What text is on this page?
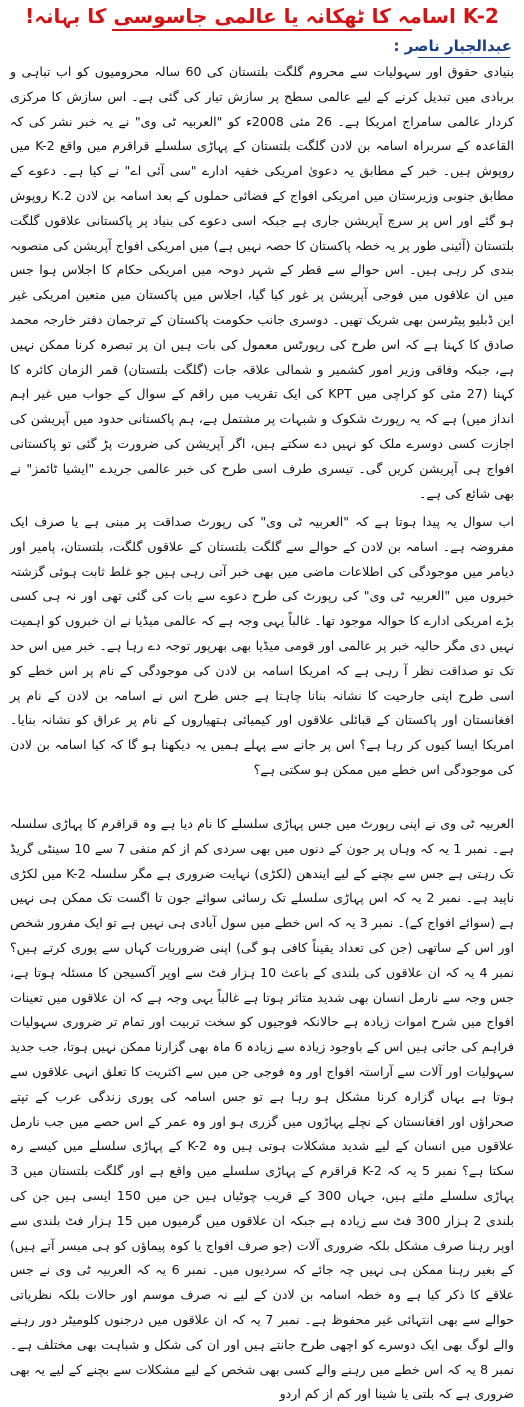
K-2 اسامہ کا ٹھکانہ یا عالمی جاسوسی کا بہانہ!
عبدالجبار ناصر :

بنیادی حقوق اور سہولیات سے محروم گلگت بلتستان کی 60 سالہ محرومیوں کو اب تباہی و بربادی میں تبدیل کرنے کے لیے عالمی سطح پر سازش تیار کی گئی ہے۔ اس سازش کا مرکزی کردار عالمی سامراج امریکا ہے۔ 26 مئی 2008ء کو "العربیہ ٹی وی" نے یہ خبر نشر کی کہ القاعدہ کے سربراہ اسامہ بن لادن گلگت بلتستان کے پہاڑی سلسلے قراقرم میں واقع K-2 میں روپوش ہیں۔ خبر کے مطابق یہ دعویٰ امریکی خفیہ ادارے "سی آئی اے" نے کیا ہے۔ دعوے کے مطابق جنوبی وزیرستان میں امریکی افواج کے فضائی حملوں کے بعد اسامہ بن لادن K.2 روپوش ہو گئے اور اس پر سرچ آپریشن جاری ہے جبکہ اسی دعوے کی بنیاد پر پاکستانی علاقوں گلگت بلتستان (آئینی طور پر یہ خطہ پاکستان کا حصہ نہیں ہے) میں امریکی افواج آپریشن کی منصوبہ بندی کر رہی ہیں۔ اس حوالے سے قطر کے شہر دوحہ میں امریکی حکام کا اجلاس ہوا جس میں ان علاقوں میں فوجی آپریشن پر غور کیا گیا، اجلاس میں پاکستان میں متعین امریکی غیر این ڈبلیو پیٹرسن بھی شریک تھیں۔ دوسری جانب حکومت پاکستان کے ترجمان دفتر خارجہ محمد صادق کا کہنا ہے کہ اس طرح کی رپورٹس معمول کی بات ہیں ان پر تبصرہ کرنا ممکن نہیں ہے، جبکہ وفاقی وزیر امور کشمیر و شمالی علاقہ جات (گلگت بلتستان) قمر الزمان کائرہ کا کہنا (27 مئی کو کراچی میں KPT کی ایک تقریب میں راقم کے سوال کے جواب میں غیر اہم انداز میں) ہے کہ یہ رپورٹ شکوک و شبہات پر مشتمل ہے، ہم پاکستانی حدود میں آپریشن کی اجازت کسی دوسرے ملک کو نہیں دے سکتے ہیں، اگر آپریشن کی ضرورت پڑ گئی تو پاکستانی افواج ہی آپریشن کریں گی۔ تیسری طرف اسی طرح کی خبر عالمی جریدے "ایشیا ٹائمز" نے بھی شائع کی ہے۔

اب سوال یہ پیدا ہوتا ہے کہ "العربیہ ٹی وی" کی رپورٹ صداقت پر مبنی ہے یا صرف ایک مفروضہ ہے۔ اسامہ بن لادن کے حوالے سے گلگت بلتستان کے علاقوں گلگت، بلتستان، پامیر اور دیامر میں موجودگی کی اطلاعات ماضی میں بھی خبر آتی رہی ہیں جو غلط ثابت ہوئی گزشتہ خبروں میں "العربیہ ٹی وی" کی رپورٹ کی طرح دعوے سے بات کی گئی تھی اور نہ ہی کسی بڑے امریکی ادارے کا حوالہ موجود تھا۔ غالباً یہی وجہ ہے کہ عالمی میڈیا نے ان خبروں کو اہمیت نہیں دی مگر حالیہ خبر پر عالمی اور قومی میڈیا بھی بھرپور توجہ دے رہا ہے۔ خبر میں اس حد تک تو صداقت نظر آ رہی ہے کہ امریکا اسامہ بن لادن کی موجودگی کے نام پر اس خطے کو اسی طرح اپنی جارحیت کا نشانہ بنانا چاہتا ہے جس طرح اس نے اسامہ بن لادن کے نام پر افغانستان اور پاکستان کے قبائلی علاقوں اور کیمیائی ہتھیاروں کے نام پر عراق کو نشانہ بنایا۔ امریکا ایسا کیوں کر رہا ہے؟ اس پر جانے سے پہلے ہمیں یہ دیکھنا ہو گا کہ کیا اسامہ بن لادن کی موجودگی اس خطے میں ممکن ہو سکتی ہے؟

العربیہ ٹی وی نے اپنی رپورٹ میں جس پہاڑی سلسلے کا نام دیا ہے وہ قراقرم کا پہاڑی سلسلہ ہے۔ نمبر 1 یہ کہ وہاں پر جون کے دنوں میں بھی سردی کم از کم منفی 7 سے 10 سینٹی گریڈ تک رہتی ہے جس سے بچنے کے لیے ایندھن (لکڑی) نہایت ضروری ہے مگر سلسلہ K-2 میں لکڑی ناپید ہے۔ نمبر 2 یہ کہ اس پہاڑی سلسلے تک رسائی سوائے جون تا اگست تک ممکن ہی نہیں ہے (سوائے افواج کے)۔ نمبر 3 یہ کہ اس خطے میں سول آبادی ہی نہیں ہے تو ایک مفرور شخص اور اس کے ساتھی (جن کی تعداد یقیناً کافی ہو گی) اپنی ضروریات کہاں سے پوری کرتے ہیں؟ نمبر 4 یہ کہ ان علاقوں کی بلندی کے باعث 10 ہزار فٹ سے اوپر آکسیجن کا مسئلہ ہوتا ہے، جس وجہ سے نارمل انسان بھی شدید متاثر ہوتا ہے غالباً یہی وجہ ہے کہ ان علاقوں میں تعینات افواج میں شرح اموات زیادہ ہے حالانکہ فوجیوں کو سخت تربیت اور تمام تر ضروری سہولیات فراہم کی جاتی ہیں اس کے باوجود زیادہ سے زیادہ 6 ماہ بھی گزارنا ممکن نہیں ہوتا، جب جدید سہولیات اور آلات سے آراستہ افواج اور وہ فوجی جن میں سے اکثریت کا تعلق انہی علاقوں سے ہوتا ہے یہاں گزارہ کرنا مشکل ہو رہا ہے تو جس اسامہ کی پوری زندگی عرب کے تپتے صحراؤں اور افغانستان کے نچلے پہاڑوں میں گزری ہو اور وہ عمر کے اس حصے میں جب نارمل علاقوں میں انسان کے لیے شدید مشکلات ہوتی ہیں وہ K-2 کے پہاڑی سلسلے میں کیسے رہ سکتا ہے؟ نمبر 5 یہ کہ K-2 قراقرم کے پہاڑی سلسلے میں واقع ہے اور گلگت بلتستان میں 3 پہاڑی سلسلے ملتے ہیں، جہاں 300 کے قریب چوٹیاں ہیں جن میں 150 ایسی ہیں جن کی بلندی 2 ہزار 300 فٹ سے زیادہ ہے جبکہ ان علاقوں میں گرمیوں میں 15 ہزار فٹ بلندی سے اوپر رہنا صرف مشکل بلکہ ضروری آلات (جو صرف افواج یا کوہ پیماؤں کو ہی میسر آتے ہیں) کے بغیر رہنا ممکن ہی نہیں چہ جائے کہ سردیوں میں۔ نمبر 6 یہ کہ العربیہ ٹی وی نے جس علاقے کا ذکر کیا ہے وہ خطہ اسامہ بن لادن کے لیے نہ صرف موسم اور حالات بلکہ نظریاتی حوالے سے بھی انتہائی غیر محفوظ ہے۔ نمبر 7 یہ کہ ان علاقوں میں درجنوں کلومیٹر دور رہنے والے لوگ بھی ایک دوسرے کو اچھی طرح جانتے ہیں اور ان کی شکل و شباہت بھی مختلف ہے۔ نمبر 8 یہ کہ اس خطے میں رہنے والے کسی بھی شخص کے لیے مشکلات سے بچنے کے لیے یہ بھی ضروری ہے کہ بلتی یا شینا اور کم از کم اردو
